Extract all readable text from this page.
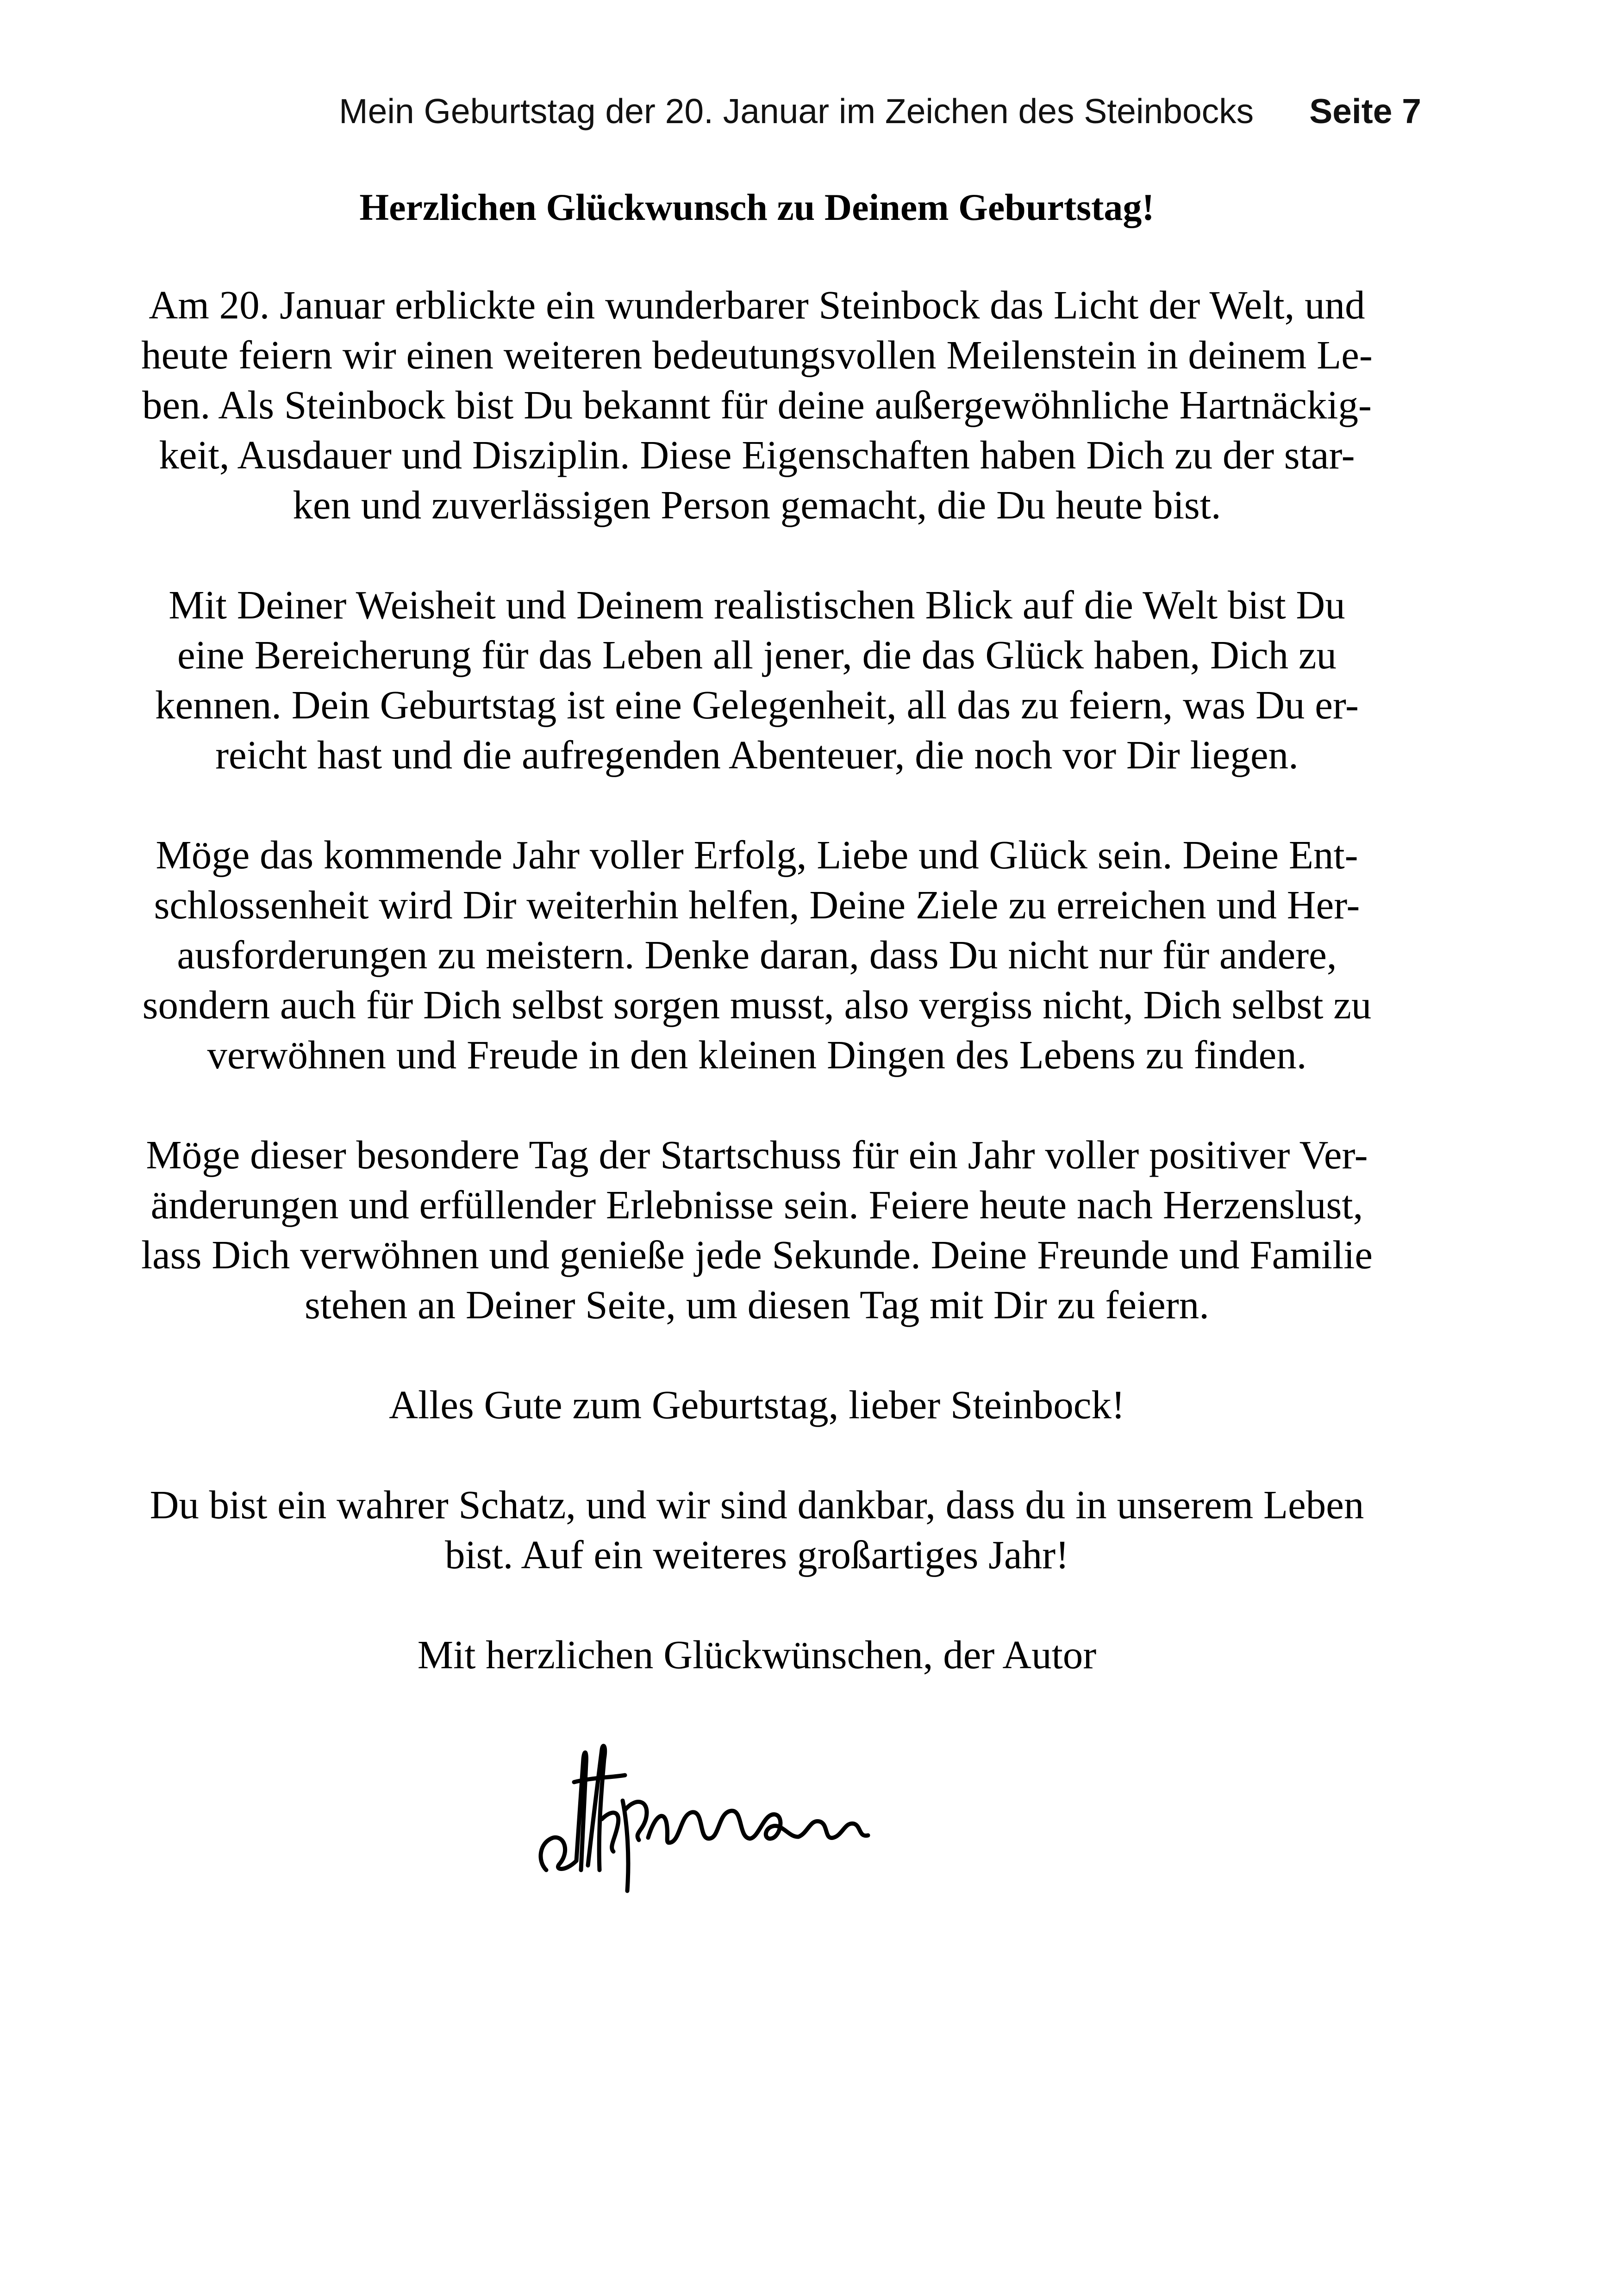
Mein Geburtstag der 20. Januar im Zeichen des Steinbocks Seite 7
Herzlichen Glückwunsch zu Deinem Geburtstag!

Am 20. Januar erblickte ein wunderbarer Steinbock das Licht der Welt, und
heute feiern wir einen weiteren bedeutungsvollen Meilenstein in deinem Le-
ben. Als Steinbock bist Du bekannt für deine außergewöhnliche Hartnäckig-
keit, Ausdauer und Disziplin. Diese Eigenschaften haben Dich zu der star-
ken und zuverlässigen Person gemacht, die Du heute bist.

Mit Deiner Weisheit und Deinem realistischen Blick auf die Welt bist Du
eine Bereicherung für das Leben all jener, die das Glück haben, Dich zu
kennen. Dein Geburtstag ist eine Gelegenheit, all das zu feiern, was Du er-
reicht hast und die aufregenden Abenteuer, die noch vor Dir liegen.

Möge das kommende Jahr voller Erfolg, Liebe und Glück sein. Deine Ent-
schlossenheit wird Dir weiterhin helfen, Deine Ziele zu erreichen und Her-
ausforderungen zu meistern. Denke daran, dass Du nicht nur für andere,
sondern auch für Dich selbst sorgen musst, also vergiss nicht, Dich selbst zu
verwöhnen und Freude in den kleinen Dingen des Lebens zu finden.

Möge dieser besondere Tag der Startschuss für ein Jahr voller positiver Ver-
änderungen und erfüllender Erlebnisse sein. Feiere heute nach Herzenslust,
lass Dich verwöhnen und genieße jede Sekunde. Deine Freunde und Familie
stehen an Deiner Seite, um diesen Tag mit Dir zu feiern.

Alles Gute zum Geburtstag, lieber Steinbock!

Du bist ein wahrer Schatz, und wir sind dankbar, dass du in unserem Leben
bist. Auf ein weiteres großartiges Jahr!

Mit herzlichen Glückwünschen, der Autor
